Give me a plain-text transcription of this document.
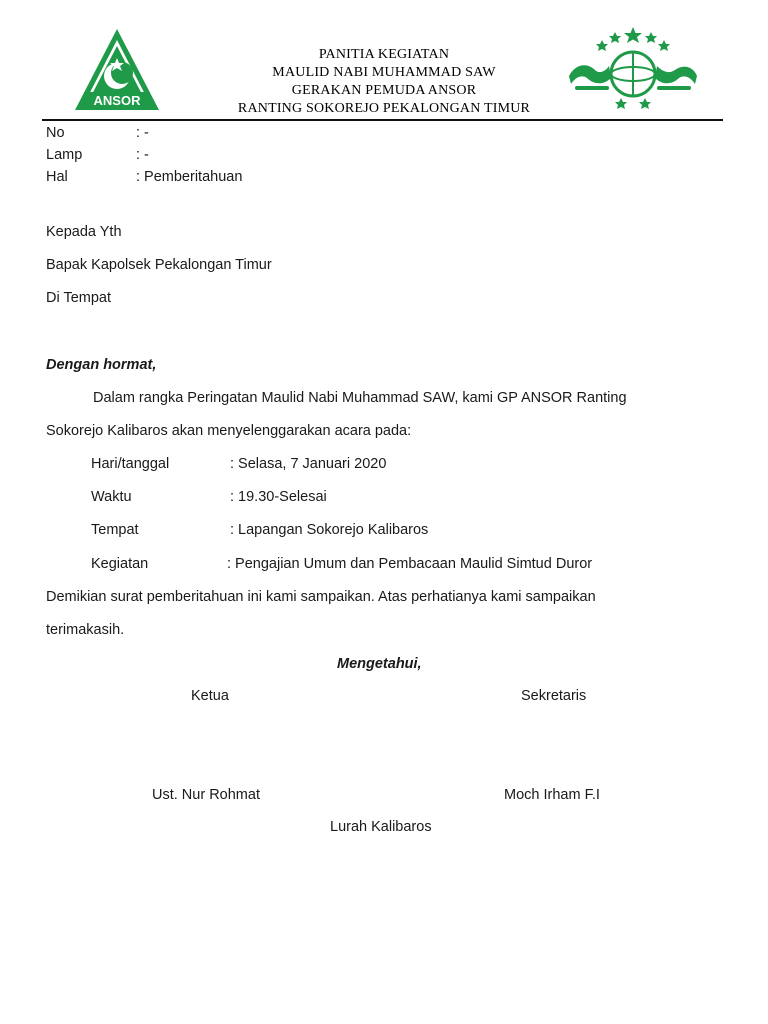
ANSOR
PANITIA KEGIATAN
MAULID NABI MUHAMMAD SAW
GERAKAN PEMUDA ANSOR
RANTING SOKOREJO PEKALONGAN TIMUR
No	: -
Lamp	: -
Hal	: Pemberitahuan
Kepada Yth
Bapak Kapolsek Pekalongan Timur
Di Tempat
Dengan hormat,
Dalam rangka Peringatan Maulid Nabi Muhammad SAW, kami GP ANSOR Ranting
Sokorejo Kalibaros akan menyelenggarakan acara pada:
Hari/tanggal	: Selasa, 7 Januari 2020
Waktu	: 19.30-Selesai
Tempat	: Lapangan Sokorejo Kalibaros
Kegiatan	: Pengajian Umum dan Pembacaan Maulid Simtud Duror
Demikian surat pemberitahuan ini kami sampaikan. Atas perhatianya kami sampaikan
terimakasih.
Mengetahui,
Ketua	Sekretaris
Ust. Nur Rohmat	Moch Irham F.I
Lurah Kalibaros
